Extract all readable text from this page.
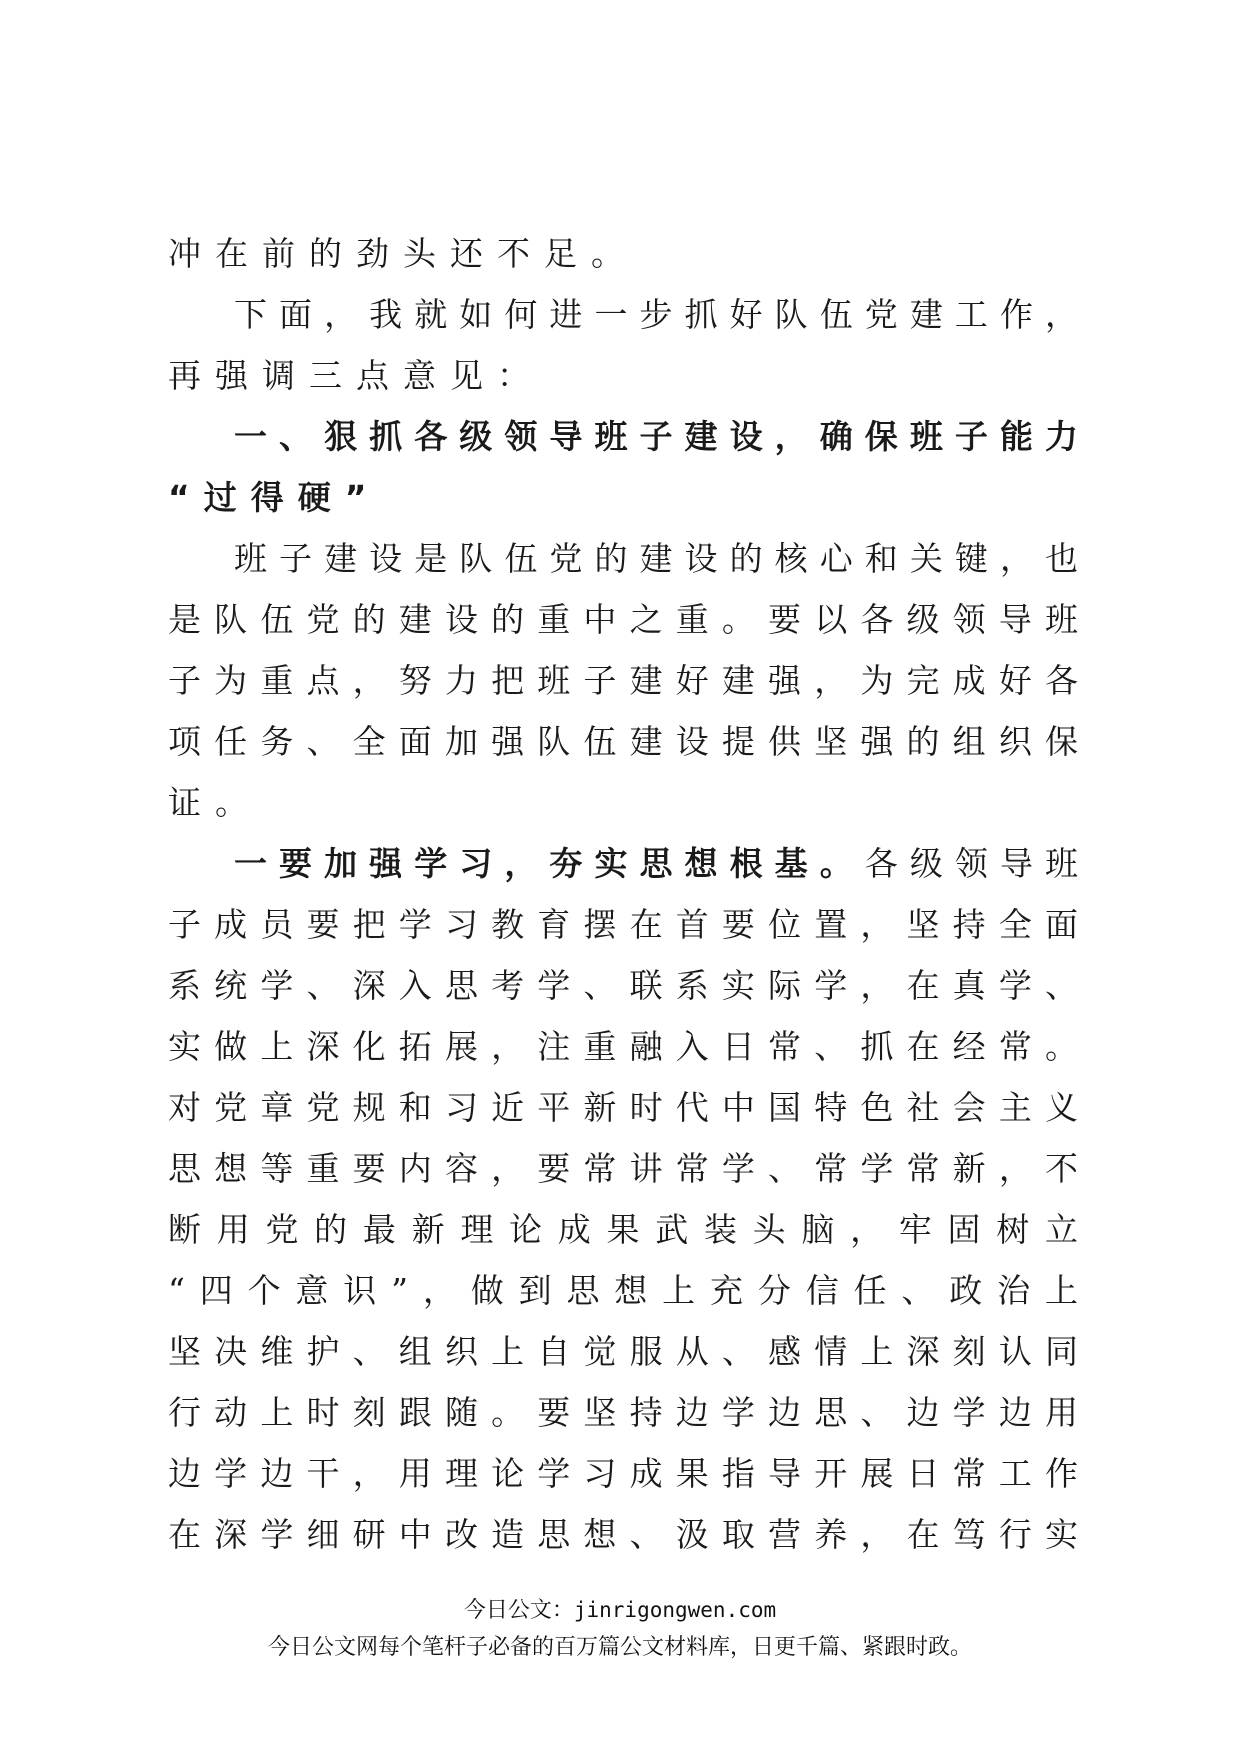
冲在前的劲头还不足。
下面，我就如何进一步抓好队伍党建工作，
再强调三点意见：
一、狠抓各级领导班子建设，确保班子能力
“过得硬”
班子建设是队伍党的建设的核心和关键，也
是队伍党的建设的重中之重。要以各级领导班
子为重点，努力把班子建好建强，为完成好各
项任务、全面加强队伍建设提供坚强的组织保
证。
一要加强学习，夯实思想根基。各级领导班
子成员要把学习教育摆在首要位置，坚持全面
系统学、深入思考学、联系实际学，在真学、
实做上深化拓展，注重融入日常、抓在经常。
对党章党规和习近平新时代中国特色社会主义
思想等重要内容，要常讲常学、常学常新，不
断用党的最新理论成果武装头脑，牢固树立
“四个意识”，做到思想上充分信任、政治上
坚决维护、组织上自觉服从、感情上深刻认同
行动上时刻跟随。要坚持边学边思、边学边用
边学边干，用理论学习成果指导开展日常工作
在深学细研中改造思想、汲取营养，在笃行实
今日公文：jinrigongwen.com
今日公文网每个笔杆子必备的百万篇公文材料库，日更千篇、紧跟时政。
